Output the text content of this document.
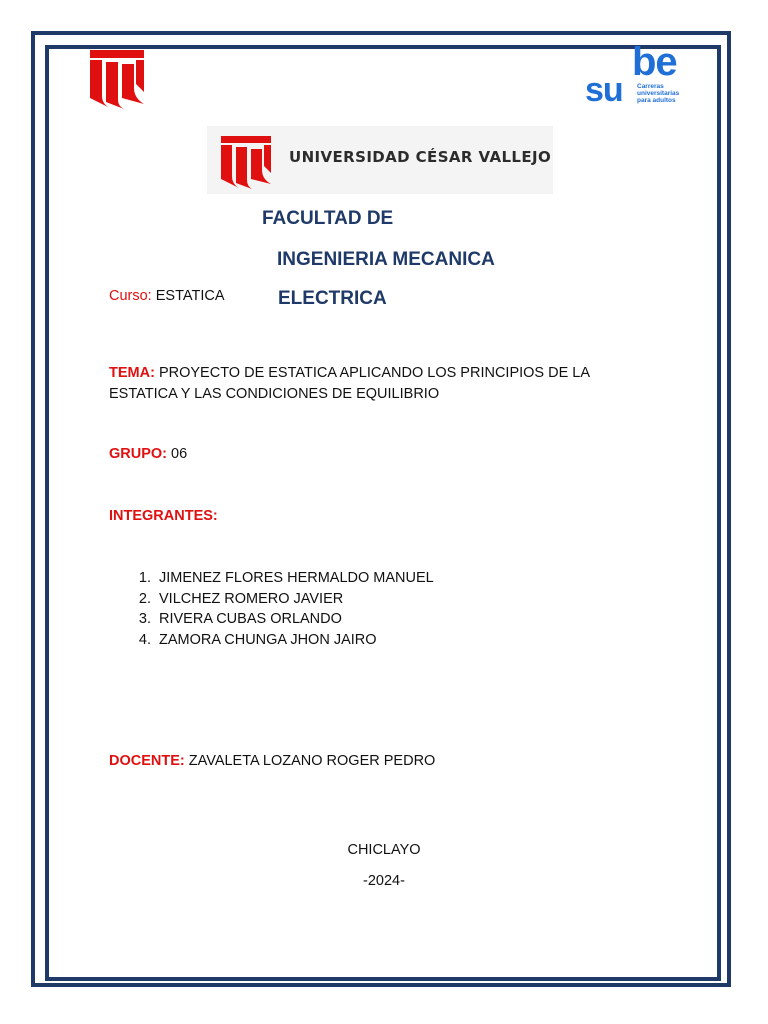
su
be
Carreras
universitarias
para adultos
UNIVERSIDAD CÉSAR VALLEJO
FACULTAD DE
INGENIERIA MECANICA
ELECTRICA
Curso: ESTATICA
TEMA: PROYECTO DE ESTATICA APLICANDO LOS PRINCIPIOS DE LA
ESTATICA Y LAS CONDICIONES DE EQUILIBRIO
GRUPO: 06
INTEGRANTES:
1. JIMENEZ FLORES HERMALDO MANUEL
2. VILCHEZ ROMERO JAVIER
3. RIVERA CUBAS ORLANDO
4. ZAMORA CHUNGA JHON JAIRO
DOCENTE: ZAVALETA LOZANO ROGER PEDRO
CHICLAYO
-2024-
